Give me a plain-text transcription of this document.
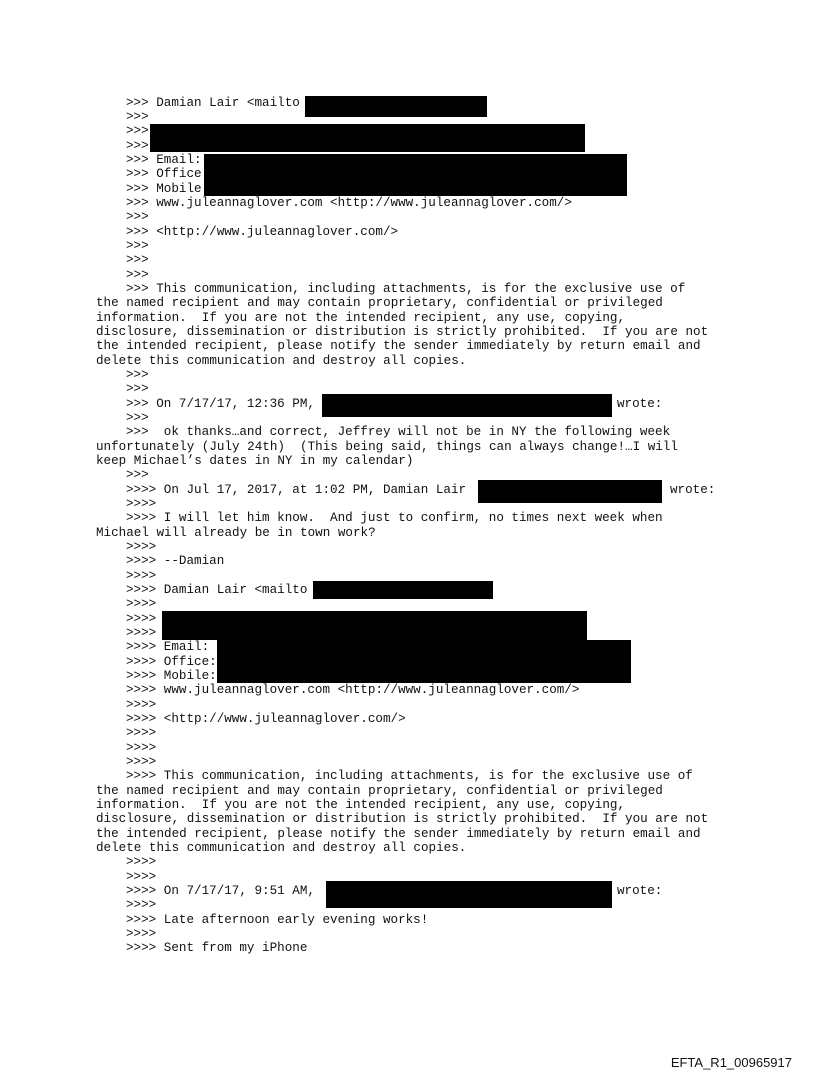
>>> Damian Lair <mailto
>>>
>>>
>>>
>>> Email:
>>> Office
>>> Mobile
>>> www.juleannaglover.com <http://www.juleannaglover.com/>
>>>
>>> <http://www.juleannaglover.com/>
>>>
>>>
>>>
>>> This communication, including attachments, is for the exclusive use of
the named recipient and may contain proprietary, confidential or privileged
information.  If you are not the intended recipient, any use, copying,
disclosure, dissemination or distribution is strictly prohibited.  If you are not
the intended recipient, please notify the sender immediately by return email and
delete this communication and destroy all copies.
>>>
>>>
>>> On 7/17/17, 12:36 PM,	wrote:
>>>
>>>  ok thanks…and correct, Jeffrey will not be in NY the following week
unfortunately (July 24th)  (This being said, things can always change!…I will
keep Michael’s dates in NY in my calendar)
>>>
>>>> On Jul 17, 2017, at 1:02 PM, Damian Lair	wrote:
>>>>
>>>> I will let him know.  And just to confirm, no times next week when
Michael will already be in town work?
>>>>
>>>> --Damian
>>>>
>>>> Damian Lair <mailto
>>>>
>>>>
>>>>
>>>> Email:
>>>> Office:
>>>> Mobile:
>>>> www.juleannaglover.com <http://www.juleannaglover.com/>
>>>>
>>>> <http://www.juleannaglover.com/>
>>>>
>>>>
>>>>
>>>> This communication, including attachments, is for the exclusive use of
the named recipient and may contain proprietary, confidential or privileged
information.  If you are not the intended recipient, any use, copying,
disclosure, dissemination or distribution is strictly prohibited.  If you are not
the intended recipient, please notify the sender immediately by return email and
delete this communication and destroy all copies.
>>>>
>>>>
>>>> On 7/17/17, 9:51 AM,	wrote:
>>>>
>>>> Late afternoon early evening works!
>>>>
>>>> Sent from my iPhone
EFTA_R1_00965917
